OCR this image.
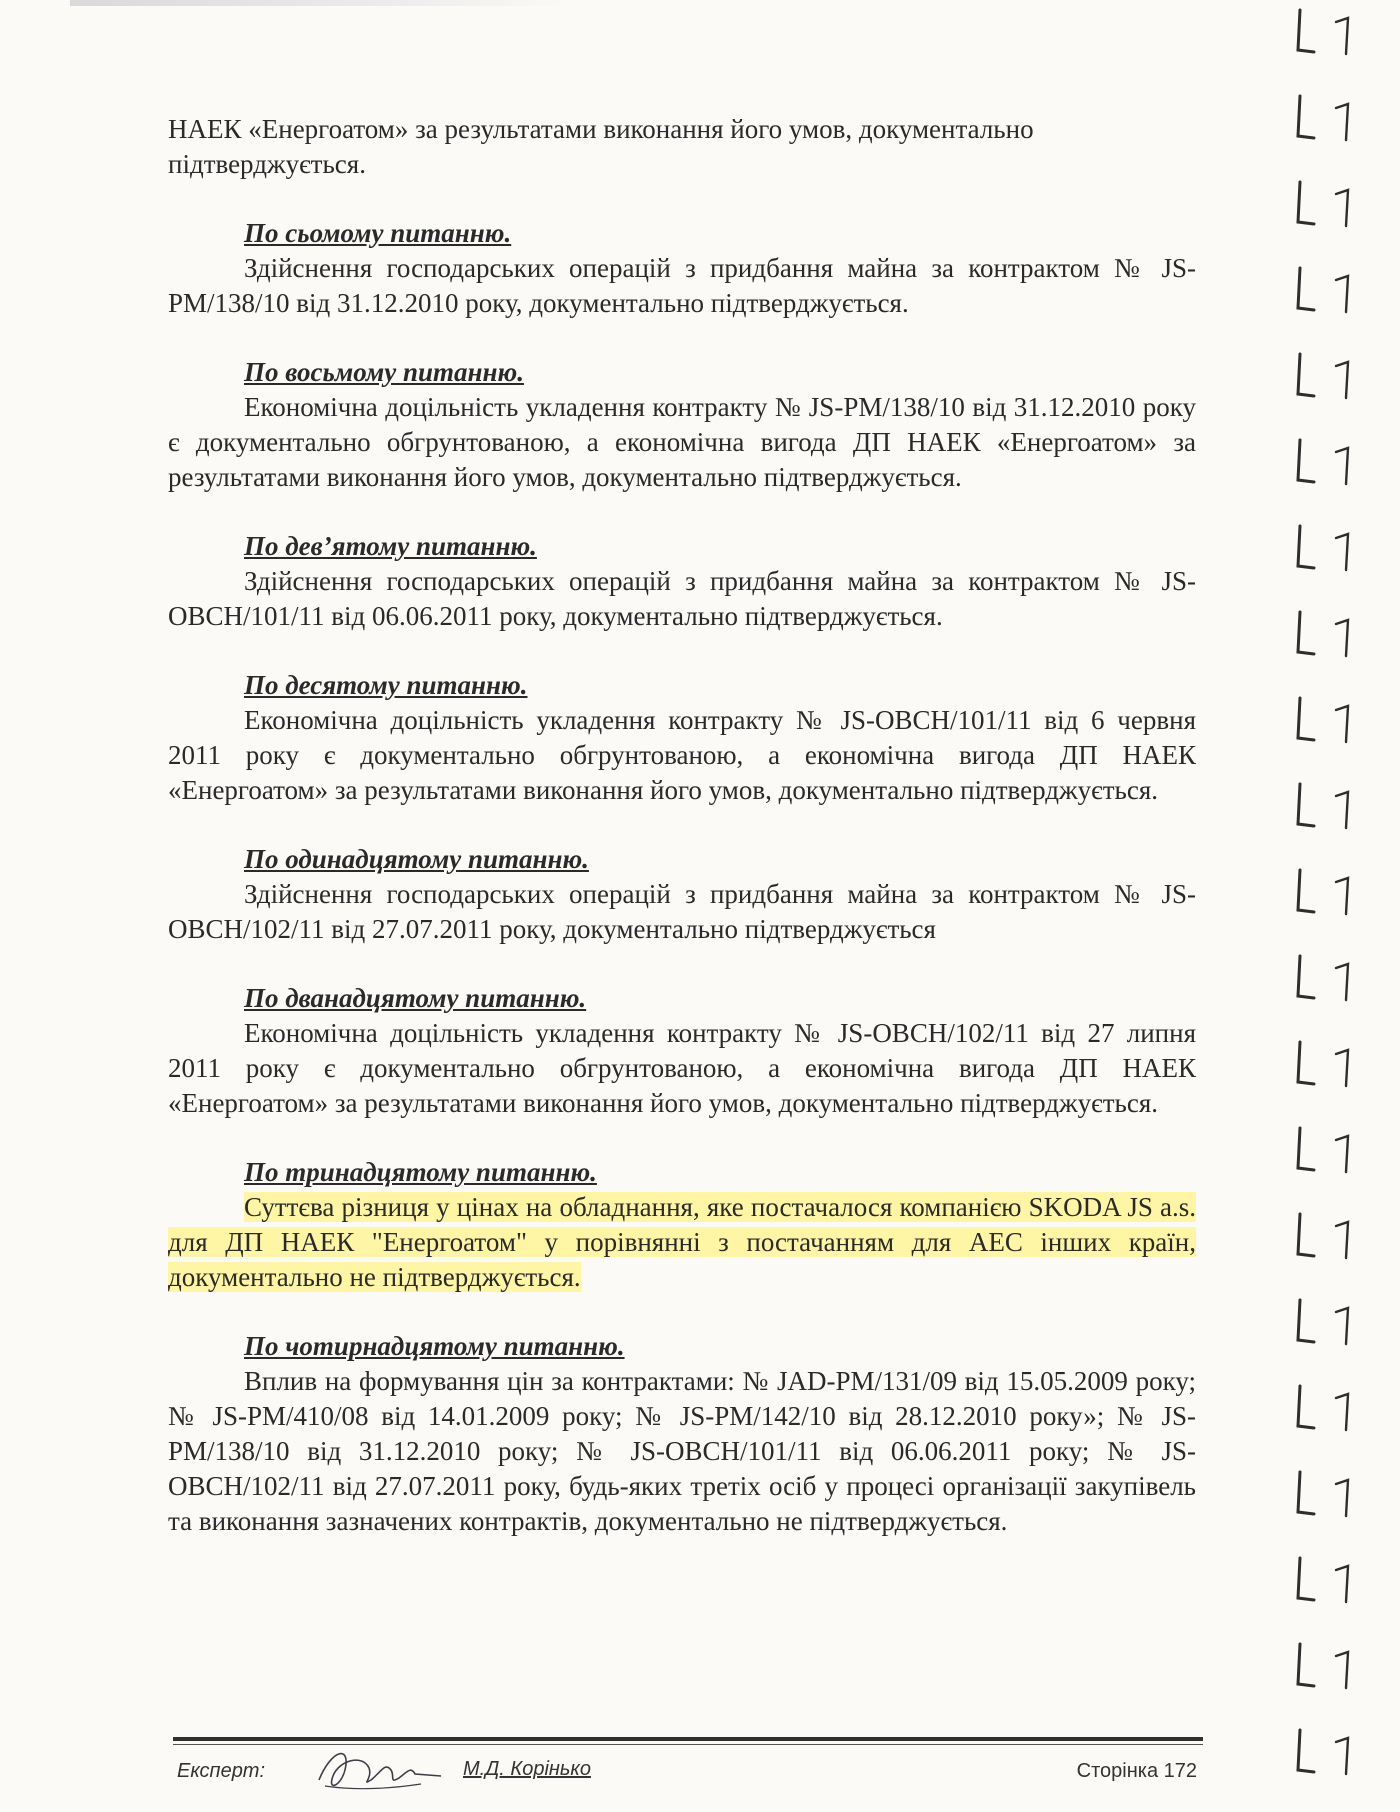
НАЕК «Енергоатом» за результатами виконання його умов, документально
підтверджується.

По сьомому питанню.

Здійснення господарських операцій з придбання майна за контрактом № JS-PM/138/10 від 31.12.2010 року, документально підтверджується.

По восьмому питанню.

Економічна доцільність укладення контракту № JS-PM/138/10 від 31.12.2010 року є документально обгрунтованою, а економічна вигода ДП НАЕК «Енергоатом» за результатами виконання його умов, документально підтверджується.

По дев’ятому питанню.

Здійснення господарських операцій з придбання майна за контрактом № JS-OBCH/101/11 від 06.06.2011 року, документально підтверджується.

По десятому питанню.

Економічна доцільність укладення контракту № JS-OBCH/101/11 від 6 червня 2011 року є документально обгрунтованою, а економічна вигода ДП НАЕК «Енергоатом» за результатами виконання його умов, документально підтверджується.

По одинадцятому питанню.

Здійснення господарських операцій з придбання майна за контрактом № JS-OBCH/102/11 від 27.07.2011 року, документально підтверджується

По дванадцятому питанню.

Економічна доцільність укладення контракту № JS-OBCH/102/11 від 27 липня 2011 року є документально обгрунтованою, а економічна вигода ДП НАЕК «Енергоатом» за результатами виконання його умов, документально підтверджується.

По тринадцятому питанню.

Суттєва різниця у цінах на обладнання, яке постачалося компанією SKODA JS a.s. для ДП НАЕК "Енергоатом" у порівнянні з постачанням для АЕС інших країн, документально не підтверджується.

По чотирнадцятому питанню.

Вплив на формування цін за контрактами: № JAD-PM/131/09 від 15.05.2009 року; № JS-PM/410/08 від 14.01.2009 року; № JS-PM/142/10 від 28.12.2010 року»; № JS-PM/138/10 від 31.12.2010 року; № JS-OBCH/101/11 від 06.06.2011 року; № JS-OBCH/102/11 від 27.07.2011 року, будь-яких третіх осіб у процесі організації закупівель та виконання зазначених контрактів, документально не підтверджується.

Експерт:	М.Д. Корінько	Сторінка 172
